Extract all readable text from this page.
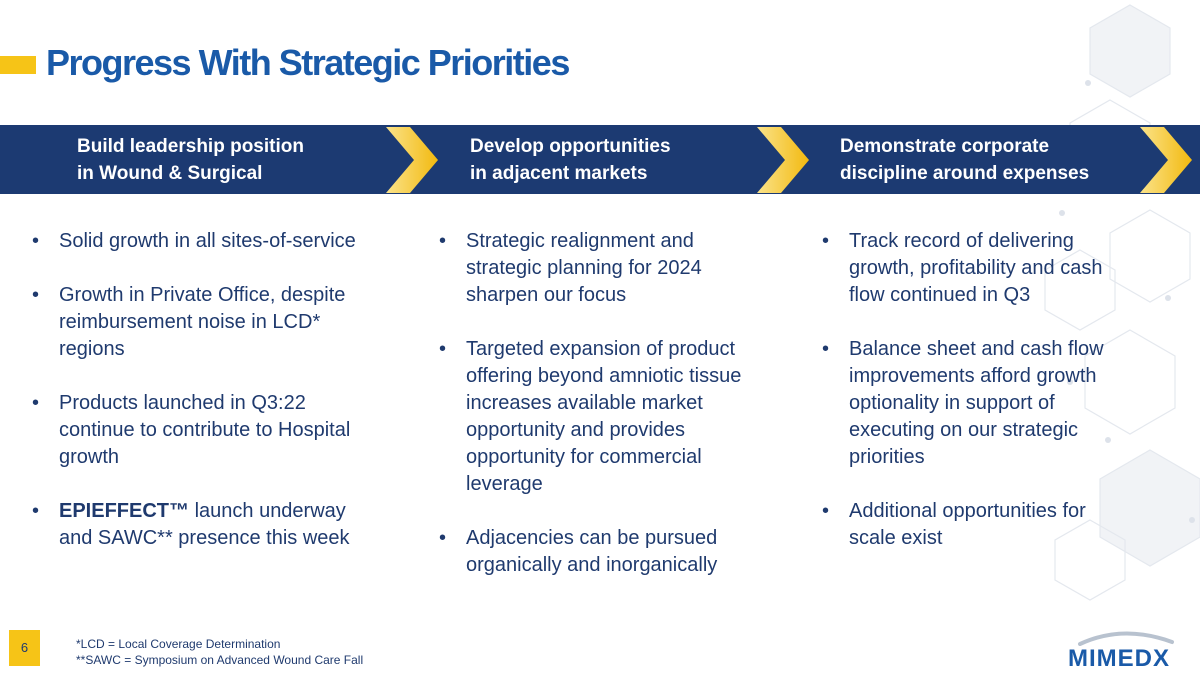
Progress With Strategic Priorities
Build leadership position
in Wound & Surgical
Develop opportunities
in adjacent markets
Demonstrate corporate
discipline around expenses
• Solid growth in all sites-of-service
• Growth in Private Office, despite reimbursement noise in LCD* regions
• Products launched in Q3:22 continue to contribute to Hospital growth
• EPIEFFECT™ launch underway and SAWC** presence this week
• Strategic realignment and strategic planning for 2024 sharpen our focus
• Targeted expansion of product offering beyond amniotic tissue increases available market opportunity and provides opportunity for commercial leverage
• Adjacencies can be pursued organically and inorganically
• Track record of delivering growth, profitability and cash flow continued in Q3
• Balance sheet and cash flow improvements afford growth optionality in support of executing on our strategic priorities
• Additional opportunities for scale exist
6	*LCD = Local Coverage Determination
**SAWC = Symposium on Advanced Wound Care Fall	MIMEDX
